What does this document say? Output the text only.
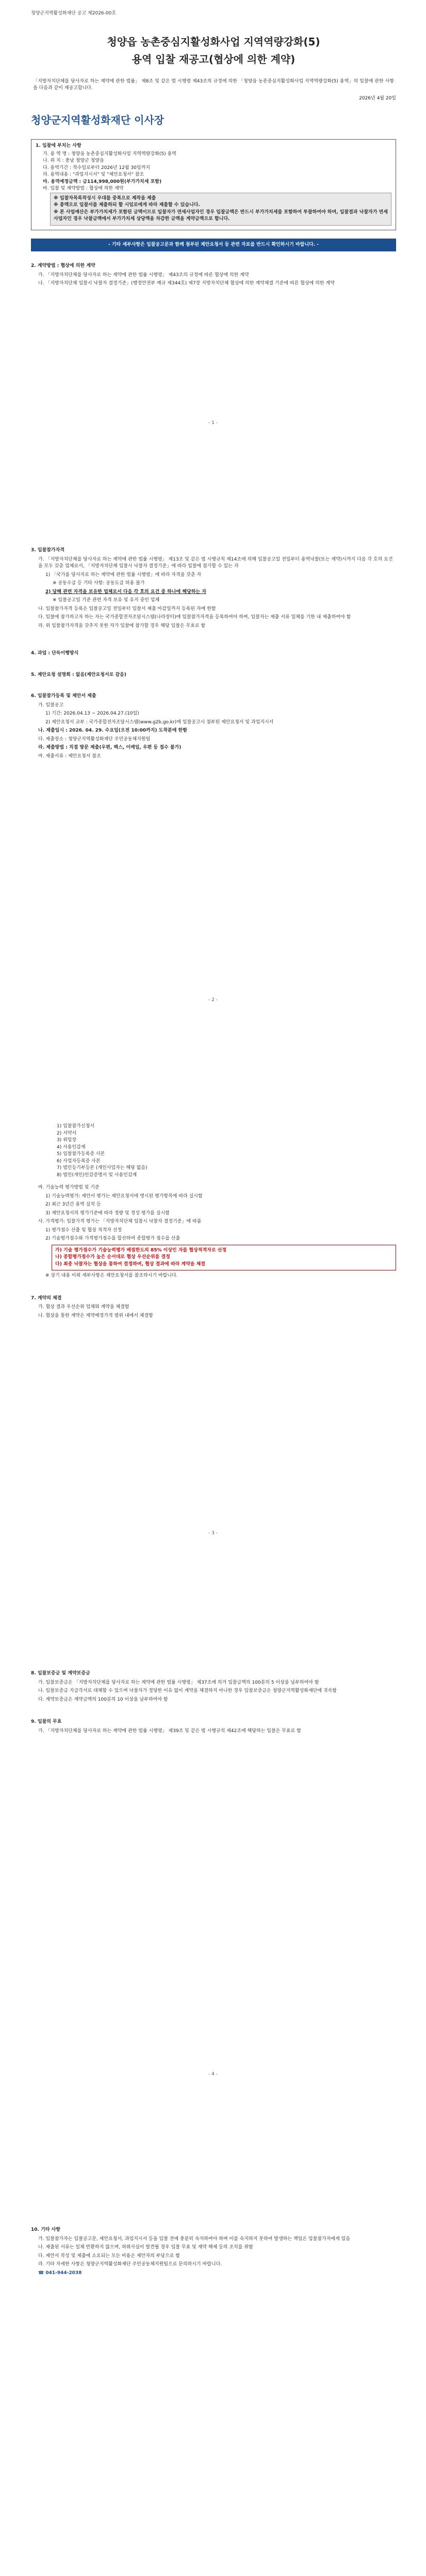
청양군지역활성화재단 공고 제2026-00호
청양읍 농촌중심지활성화사업 지역역량강화(5)
용역 입찰 재공고(협상에 의한 계약)
「지방자치단체를 당사자로 하는 계약에 관한 법률」 제8조 및 같은 법 시행령 제43조의 규정에 의한 「청양읍 농촌중심지활성화사업 지역역량강화(5) 용역」의 입찰에 관한 사항을 다음과 같이 재공고합니다.
2026년 4월 20일
청양군지역활성화재단 이사장
1. 입찰에 부치는 사항
가. 용 역 명 : 청양읍 농촌중심지활성화사업 지역역량강화(5) 용역
나. 위 치 : 충남 청양군 청양읍
다. 용역기간 : 착수일로부터 2026년 12월 30일까지
라. 용역내용 : "과업지시서" 및 "제안요청서" 참조
마. 용역예정금액 : 금114,998,000원(부가가치세 포함)
바. 입찰 및 계약방법 : 협상에 의한 계약
※ 입찰자목록작성시 우대를 중복으로 제작을 제출
※ 총액으로 입찰서를 제출하되 할 시임로에게 따라 제출할 수 있습니다.
※ 본 사업예산은 부가가치세가 포함된 금액이므로 입찰자가 면세사업자인 경우 입찰금액은 반드시 부가가치세를 포함하여 투찰하여야 하며, 입찰결과 낙찰자가 면세사업자인 경우 낙찰금액에서 부가가치세 상당액을 차감한 금액을 계약금액으로 합니다.
- 기타 세부사항은 입찰공고문과 함께 첨부된 제안요청서 등 관련 자료를 반드시 확인하시기 바랍니다. -
2. 계약방법 : 협상에 의한 계약
가. 「지방자치단체를 당사자로 하는 계약에 관한 법률 시행령」 제43조의 규정에 따른 협상에 의한 계약
나. 「지방자치단체 입찰시 낙찰자 결정기준」(행정안전부 예규 제344호) 제7장 지방자치단체 협상에 의한 계약체결 기준에 따른 협상에 의한 계약
- 1 -
3. 입찰참가자격
가. 「지방자치단체를 당사자로 하는 계약에 관한 법률 시행령」 제13조 및 같은 법 시행규칙 제14조에 의해 입찰공고일 전일부터 용역낙찰(또는 계약)시까지 다음 각 호의 요건을 모두 갖춘 업체로서, 「지방자치단체 입찰시 낙찰자 결정기준」에 따라 입찰에 참가할 수 있는 자
1) 「국가를 당사자로 하는 계약에 관한 법률 시행령」에 따라 자격을 갖춘 자
※ 공동수급 등 기타 사항: 공동도급 허용 불가
2) 당해 관련 자격을 보유한 업체로서 다음 각 호의 요건 중 하나에 해당하는 자
※ 입찰공고일 기준 관련 자격 보유 및 유지 중인 업체
나. 입찰참가자격 등록은 입찰공고일 전일부터 입찰서 제출 마감일까지 등록된 자에 한함
다. 입찰에 참가하고자 하는 자는 국가종합전자조달시스템(나라장터)에 입찰참가자격을 등록하여야 하며, 입찰자는 제출 서류 일체를 기한 내 제출하여야 함
라. 위 입찰참가자격을 갖추지 못한 자가 입찰에 참가할 경우 해당 입찰은 무효로 함
4. 과업 : 단독이행방식
5. 제안요청 설명회 : 없음(제안요청서로 갈음)
6. 입찰참가등록 및 제안서 제출
가. 입찰공고
1) 기간: 2026.04.13 ~ 2026.04.27.(10일)
2) 제안요청서 교부 : 국가종합전자조달시스템(www.g2b.go.kr)에 입찰공고시 첨부된 제안요청서 및 과업지시서
나. 제출일시 : 2026. 04. 29. 수요일(오전 10:00까지) 도착분에 한함
다. 제출장소 : 청양군지역활성화재단 주민공동체지원팀
라. 제출방법 : 직접 방문 제출(우편, 팩스, 이메일, 우편 등 접수 불가)
마. 제출서류 : 제안요청서 참조
- 2 -
1) 입찰참가신청서
2) 서약서
3) 위임장
4) 사용인감계
5) 입찰참가등록증 사본
6) 사업자등록증 사본
7) 법인등기부등본 (개인사업자는 해당 없음)
8) 법인(개인)인감증명서 및 사용인감계
바. 기술능력 평가방법 및 기준
1) 기술능력평가: 제안서 평가는 제안요청서에 명시된 평가항목에 따라 실시함
2) 최근 3년간 용역 실적 등
3) 제안요청서의 평가기준에 따라 정량 및 정성 평가를 실시함
사. 가격평가: 입찰가격 평가는 「지방자치단체 입찰시 낙찰자 결정기준」에 따름
1) 평가점수 산출 및 협상 적격자 선정
2) 기술평가점수와 가격평가점수를 합산하여 종합평가 점수를 산출
가) 기술 평가점수가 기술능력평가 배점한도의 85% 이상인 자를 협상적격자로 선정
나) 종합평가점수가 높은 순서대로 협상 우선순위를 결정
다) 최종 낙찰자는 협상을 통하여 결정하며, 협상 결과에 따라 계약을 체결
※ 상기 내용 이외 세부사항은 제안요청서를 참조하시기 바랍니다.
7. 계약의 체결
가. 협상 결과 우선순위 업체와 계약을 체결함
나. 협상을 통한 계약은 계약예정가격 범위 내에서 체결함
- 3 -
8. 입찰보증금 및 계약보증금
가. 입찰보증금은 「지방자치단체를 당사자로 하는 계약에 관한 법률 시행령」 제37조에 의거 입찰금액의 100분의 5 이상을 납부하여야 함
나. 입찰보증금 지급각서로 대체할 수 있으며 낙찰자가 정당한 이유 없이 계약을 체결하지 아니한 경우 입찰보증금은 청양군지역활성화재단에 귀속함
다. 계약보증금은 계약금액의 100분의 10 이상을 납부하여야 함
9. 입찰의 무효
가. 「지방자치단체를 당사자로 하는 계약에 관한 법률 시행령」 제39조 및 같은 법 시행규칙 제42조에 해당하는 입찰은 무효로 함
- 4 -
10. 기타 사항
가. 입찰참가자는 입찰공고문, 제안요청서, 과업지시서 등을 입찰 전에 충분히 숙지하여야 하며 이를 숙지하지 못하여 발생하는 책임은 입찰참가자에게 있음
나. 제출된 서류는 일체 반환하지 않으며, 허위사실이 발견될 경우 입찰 무효 및 계약 해제 등의 조치를 취함
다. 제안서 작성 및 제출에 소요되는 모든 비용은 제안자의 부담으로 함
라. 기타 자세한 사항은 청양군지역활성화재단 주민공동체지원팀으로 문의하시기 바랍니다.
☎ 041-944-2038
